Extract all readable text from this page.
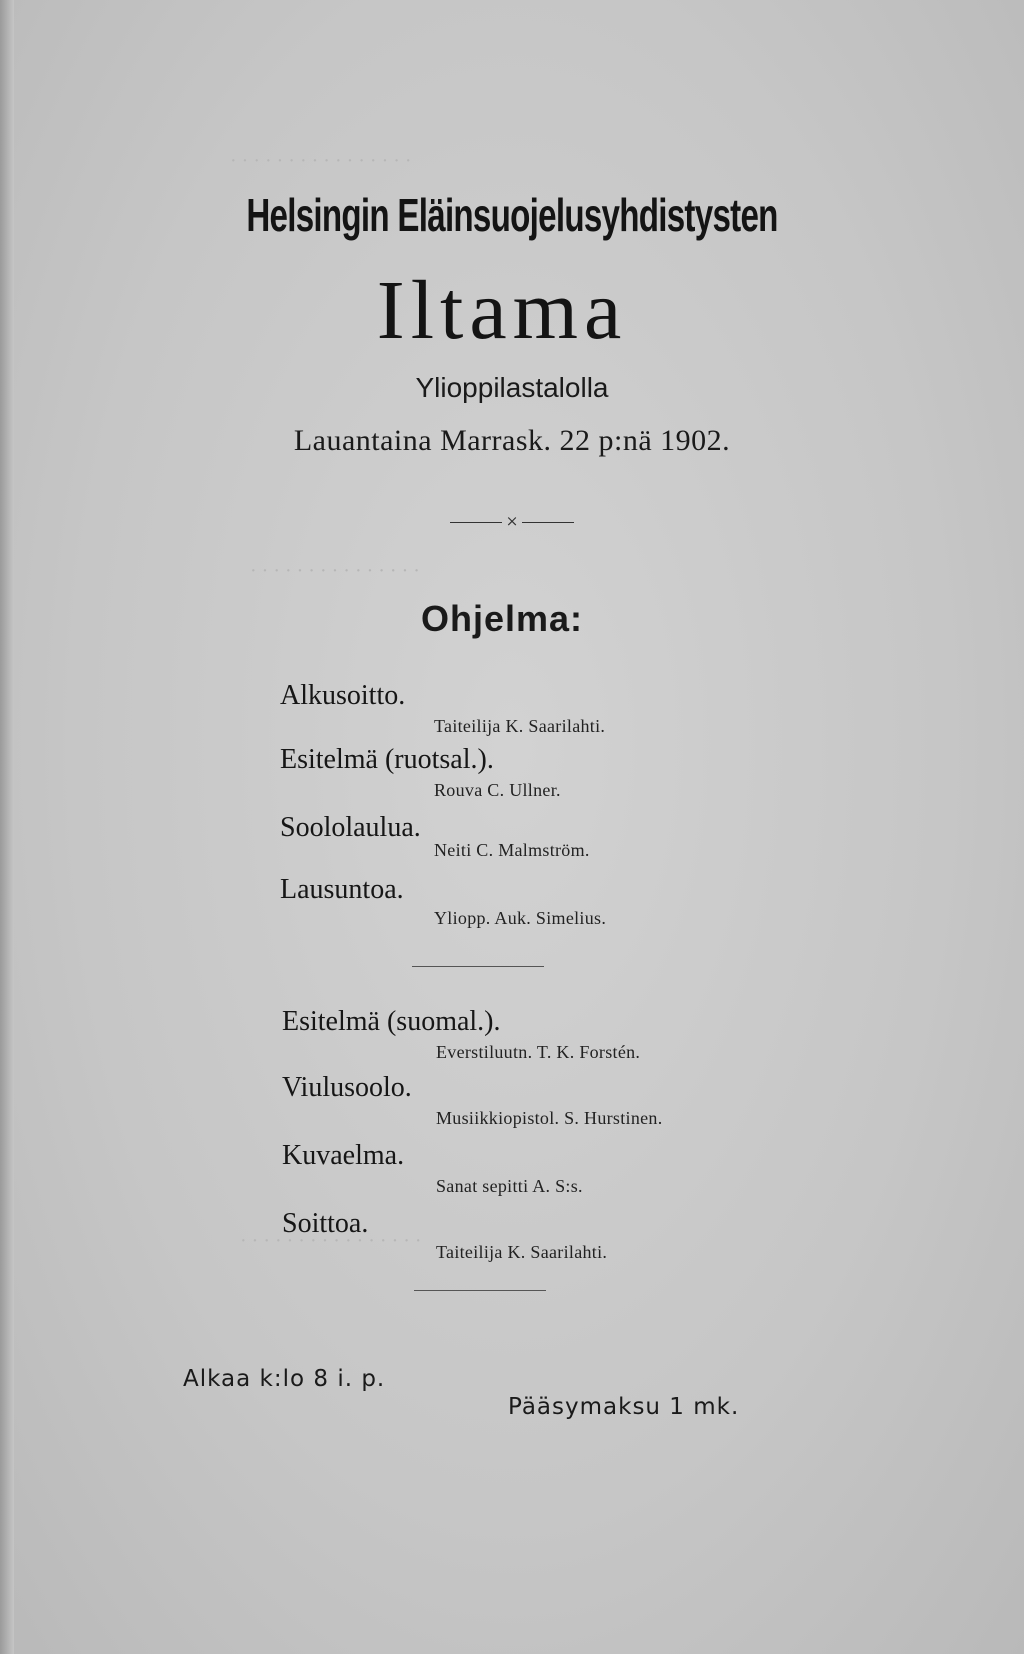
· · · · · · · · · · · · · · · ·
· · · · · · · · · · · · · · ·
· · · · · · · · · · · · · · · ·
Helsingin Eläinsuojelusyhdistysten
Iltama
Ylioppilastalolla
Lauantaina Marrask. 22 p:nä 1902.
×
Ohjelma:
Alkusoitto.
Taiteilija K. Saarilahti.
Esitelmä (ruotsal.).
Rouva C. Ullner.
Soololaulua.
Neiti C. Malmström.
Lausuntoa.
Yliopp. Auk. Simelius.
Esitelmä (suomal.).
Everstiluutn. T. K. Forstén.
Viulusoolo.
Musiikkiopistol. S. Hurstinen.
Kuvaelma.
Sanat sepitti A. S:s.
Soittoa.
Taiteilija K. Saarilahti.
Alkaa k:lo 8 i. p.
Pääsymaksu 1 mk.
